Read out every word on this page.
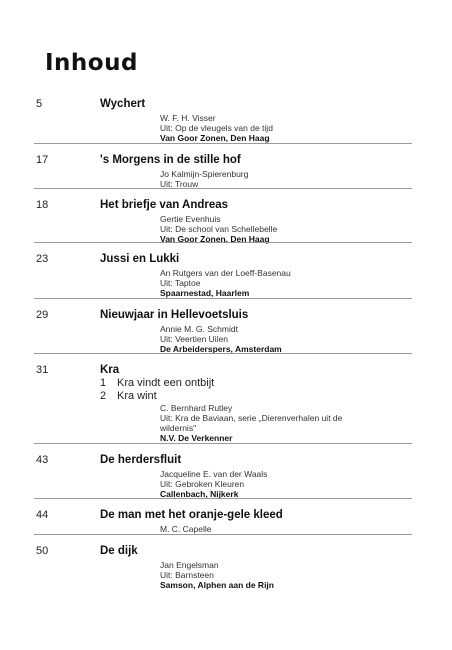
Inhoud
5	Wychert
W. F. H. Visser
Uit: Op de vleugels van de tijd
Van Goor Zonen, Den Haag
17	's Morgens in de stille hof
Jo Kalmijn-Spierenburg
Uit: Trouw
18	Het briefje van Andreas
Gertie Evenhuis
Uit: De school van Schellebelle
Van Goor Zonen, Den Haag
23	Jussi en Lukki
An Rutgers van der Loeff-Basenau
Uit: Taptoe
Spaarnestad, Haarlem
29	Nieuwjaar in Hellevoetsluis
Annie M. G. Schmidt
Uit: Veertien Uilen
De Arbeiderspers, Amsterdam
31	Kra
1 Kra vindt een ontbijt
2 Kra wint
C. Bernhard Rutley
Uit: Kra de Baviaan, serie „Dierenverhalen uit de
wildernis"
N.V. De Verkenner
43	De herdersfluit
Jacqueline E. van der Waals
Uit: Gebroken Kleuren
Callenbach, Nijkerk
44	De man met het oranje-gele kleed
M. C. Capelle
50	De dijk
Jan Engelsman
Uit: Barnsteen
Samson, Alphen aan de Rijn
